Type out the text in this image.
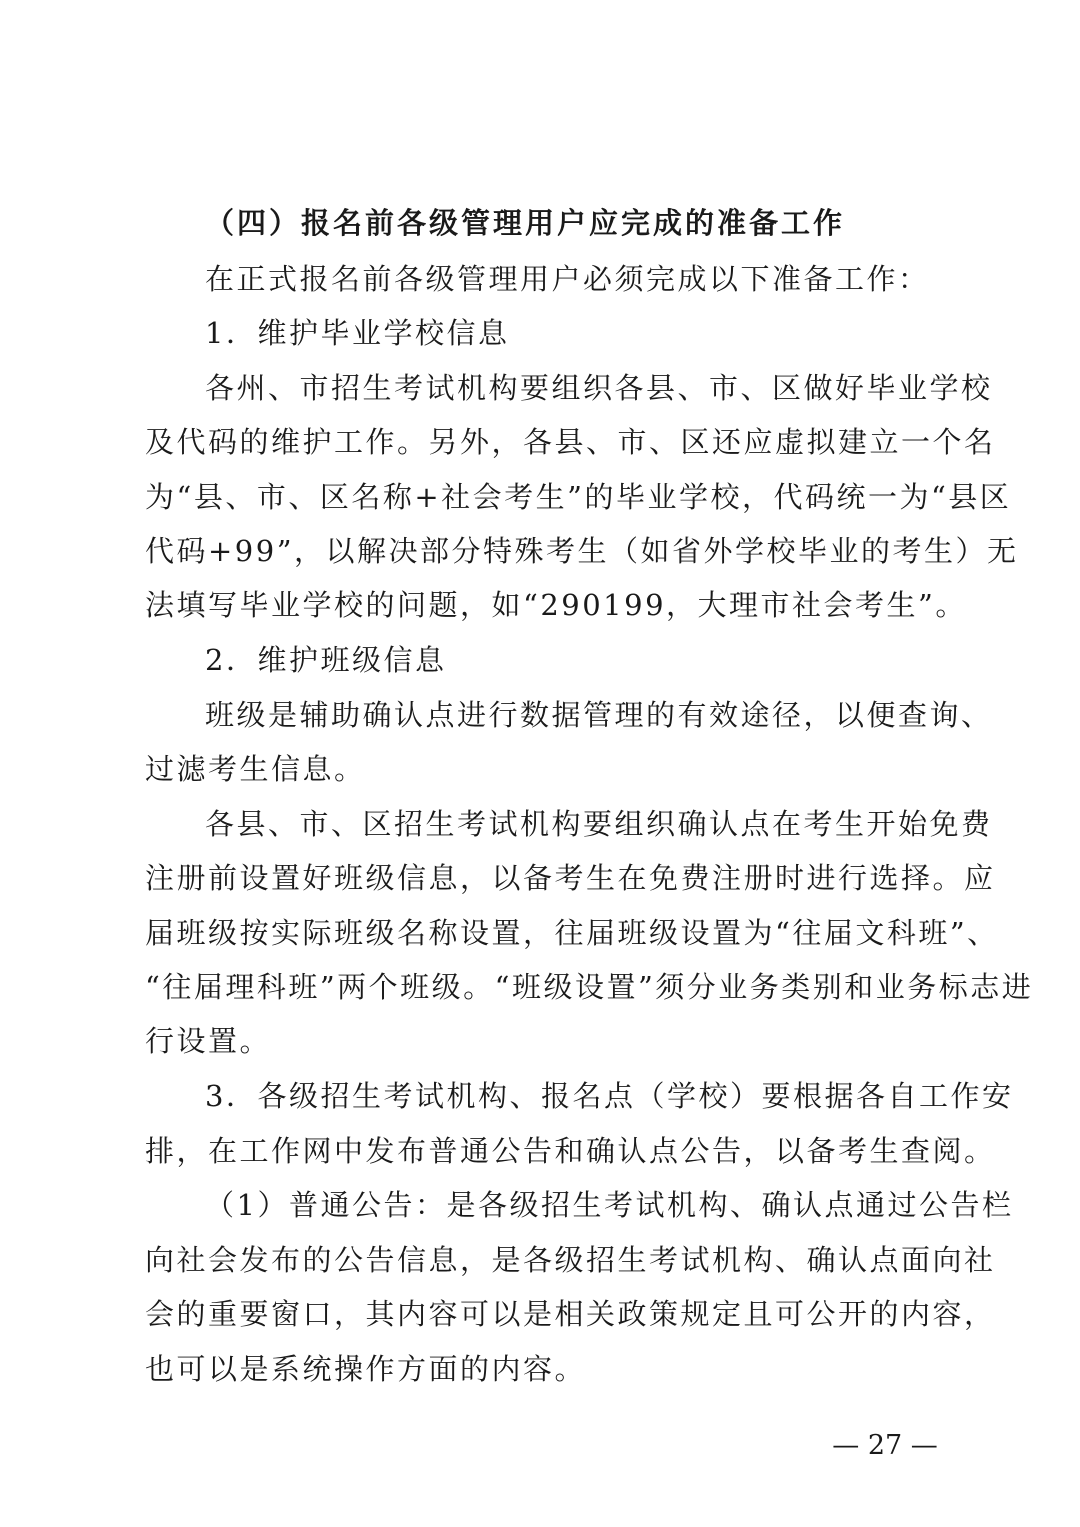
（四）报名前各级管理用户应完成的准备工作
在正式报名前各级管理用户必须完成以下准备工作：
1．维护毕业学校信息
各州、市招生考试机构要组织各县、市、区做好毕业学校
及代码的维护工作。另外，各县、市、区还应虚拟建立一个名
为“县、市、区名称+社会考生”的毕业学校，代码统一为“县区
代码+99”，以解决部分特殊考生（如省外学校毕业的考生）无
法填写毕业学校的问题，如“290199，大理市社会考生”。
2．维护班级信息
班级是辅助确认点进行数据管理的有效途径，以便查询、
过滤考生信息。
各县、市、区招生考试机构要组织确认点在考生开始免费
注册前设置好班级信息，以备考生在免费注册时进行选择。应
届班级按实际班级名称设置，往届班级设置为“往届文科班”、
“往届理科班”两个班级。“班级设置”须分业务类别和业务标志进
行设置。
3．各级招生考试机构、报名点（学校）要根据各自工作安
排，在工作网中发布普通公告和确认点公告，以备考生查阅。
（1）普通公告：是各级招生考试机构、确认点通过公告栏
向社会发布的公告信息，是各级招生考试机构、确认点面向社
会的重要窗口，其内容可以是相关政策规定且可公开的内容，
也可以是系统操作方面的内容。
— 27 —
